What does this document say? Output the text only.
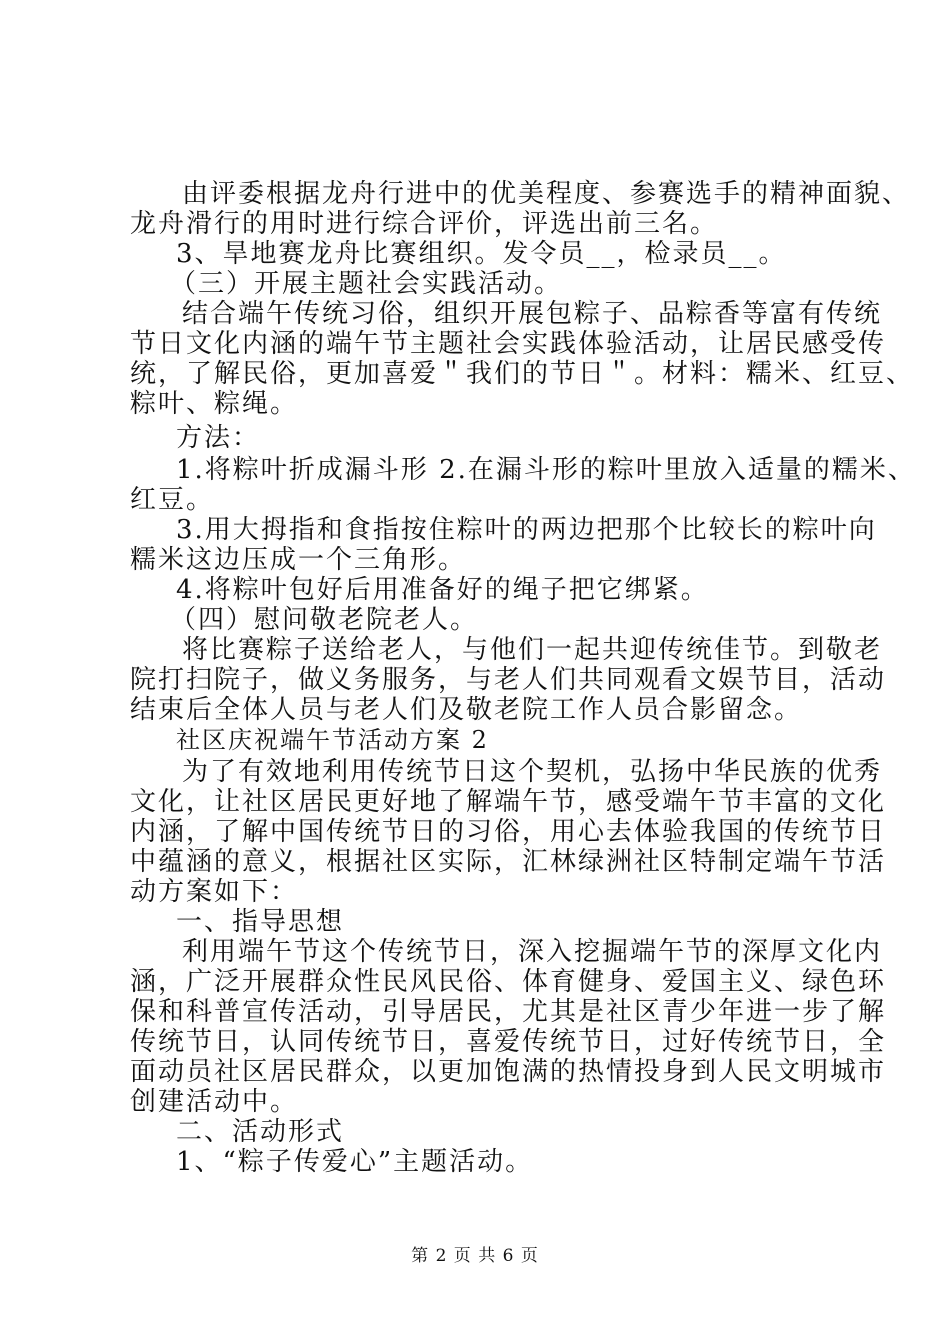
由评委根据龙舟行进中的优美程度、参赛选手的精神面貌、
龙舟滑行的用时进行综合评价，评选出前三名。
3、旱地赛龙舟比赛组织。发令员__，检录员__。
（三）开展主题社会实践活动。
结合端午传统习俗，组织开展包粽子、品粽香等富有传统
节日文化内涵的端午节主题社会实践体验活动，让居民感受传
统，了解民俗，更加喜爱＂我们的节日＂。材料：糯米、红豆、
粽叶、粽绳。
方法：
1.将粽叶折成漏斗形 2.在漏斗形的粽叶里放入适量的糯米、
红豆。
3.用大拇指和食指按住粽叶的两边把那个比较长的粽叶向
糯米这边压成一个三角形。
4.将粽叶包好后用准备好的绳子把它绑紧。
（四）慰问敬老院老人。
将比赛粽子送给老人，与他们一起共迎传统佳节。到敬老
院打扫院子，做义务服务，与老人们共同观看文娱节目，活动
结束后全体人员与老人们及敬老院工作人员合影留念。
社区庆祝端午节活动方案 2
为了有效地利用传统节日这个契机，弘扬中华民族的优秀
文化，让社区居民更好地了解端午节，感受端午节丰富的文化
内涵，了解中国传统节日的习俗，用心去体验我国的传统节日
中蕴涵的意义，根据社区实际，汇林绿洲社区特制定端午节活
动方案如下：
一、指导思想
利用端午节这个传统节日，深入挖掘端午节的深厚文化内
涵，广泛开展群众性民风民俗、体育健身、爱国主义、绿色环
保和科普宣传活动，引导居民，尤其是社区青少年进一步了解
传统节日，认同传统节日，喜爱传统节日，过好传统节日，全
面动员社区居民群众，以更加饱满的热情投身到人民文明城市
创建活动中。
二、活动形式
1、“粽子传爱心”主题活动。
第 2 页 共 6 页
